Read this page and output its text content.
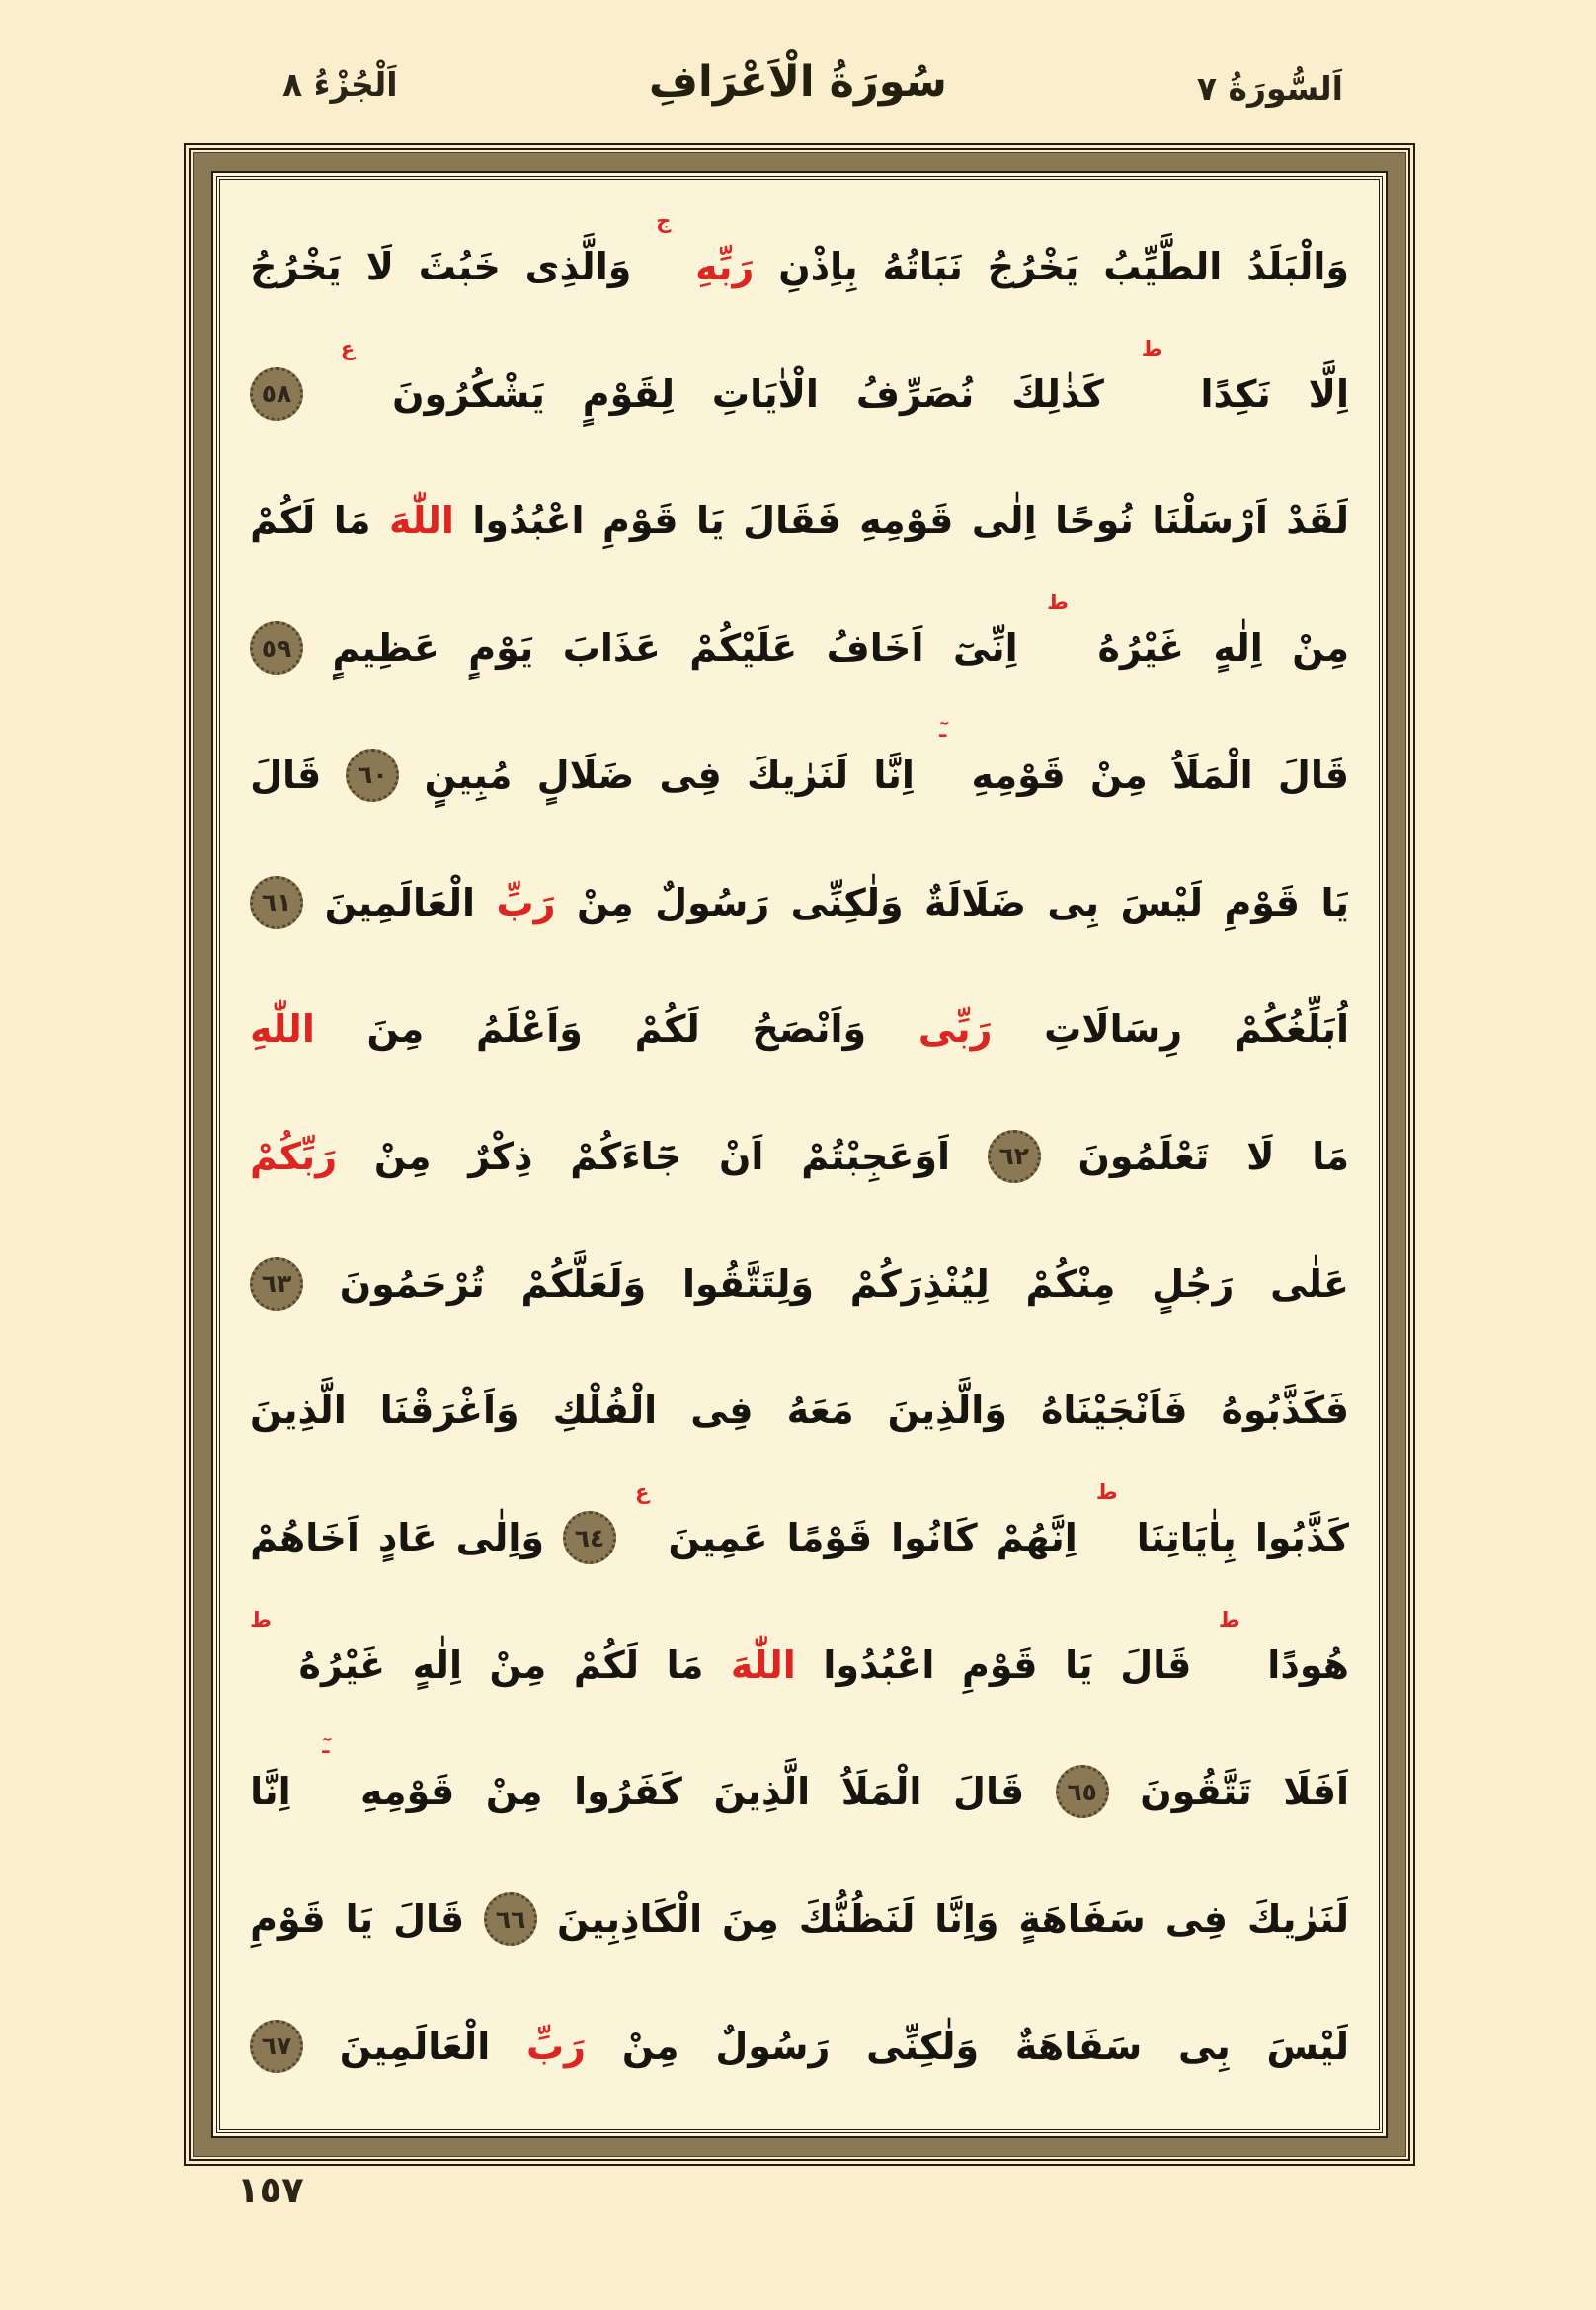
اَلسُّورَةُ ٧
سُورَةُ الْاَعْرَافِ
اَلْجُزْءُ ٨
وَالْبَلَدُ
الطَّيِّبُ
يَخْرُجُ
نَبَاتُهُ
بِاِذْنِ
رَبِّهِ
ج
وَالَّذِى
خَبُثَ
لَا
يَخْرُجُ
اِلَّا
نَكِدًا
ط
كَذٰلِكَ
نُصَرِّفُ
الْاٰيَاتِ
لِقَوْمٍ
يَشْكُرُونَ
ع
٥٨
لَقَدْ
اَرْسَلْنَا
نُوحًا
اِلٰى
قَوْمِهِ
فَقَالَ
يَا
قَوْمِ
اعْبُدُوا
اللّٰهَ
مَا
لَكُمْ
مِنْ
اِلٰهٍ
غَيْرُهُ
ط
اِنِّىٓ
اَخَافُ
عَلَيْكُمْ
عَذَابَ
يَوْمٍ
عَظِيمٍ
٥٩
قَالَ
الْمَلَاُ
مِنْ
قَوْمِهِ
ـٓ
اِنَّا
لَنَرٰيكَ
فِى
ضَلَالٍ
مُبِينٍ
٦٠
قَالَ
يَا
قَوْمِ
لَيْسَ
بِى
ضَلَالَةٌ
وَلٰكِنِّى
رَسُولٌ
مِنْ
رَبِّ
الْعَالَمِينَ
٦١
اُبَلِّغُكُمْ
رِسَالَاتِ
رَبِّى
وَاَنْصَحُ
لَكُمْ
وَاَعْلَمُ
مِنَ
اللّٰهِ
مَا
لَا
تَعْلَمُونَ
٦٢
اَوَعَجِبْتُمْ
اَنْ
جَٓاءَكُمْ
ذِكْرٌ
مِنْ
رَبِّكُمْ
عَلٰى
رَجُلٍ
مِنْكُمْ
لِيُنْذِرَكُمْ
وَلِتَتَّقُوا
وَلَعَلَّكُمْ
تُرْحَمُونَ
٦٣
فَكَذَّبُوهُ
فَاَنْجَيْنَاهُ
وَالَّذِينَ
مَعَهُ
فِى
الْفُلْكِ
وَاَغْرَقْنَا
الَّذِينَ
كَذَّبُوا
بِاٰيَاتِنَا
ط
اِنَّهُمْ
كَانُوا
قَوْمًا
عَمِينَ
ع
٦٤
وَاِلٰى
عَادٍ
اَخَاهُمْ
هُودًا
ط
قَالَ
يَا
قَوْمِ
اعْبُدُوا
اللّٰهَ
مَا
لَكُمْ
مِنْ
اِلٰهٍ
غَيْرُهُ
ط
اَفَلَا
تَتَّقُونَ
٦٥
قَالَ
الْمَلَاُ
الَّذِينَ
كَفَرُوا
مِنْ
قَوْمِهِ
ـٓ
اِنَّا
لَنَرٰيكَ
فِى
سَفَاهَةٍ
وَاِنَّا
لَنَظُنُّكَ
مِنَ
الْكَاذِبِينَ
٦٦
قَالَ
يَا
قَوْمِ
لَيْسَ
بِى
سَفَاهَةٌ
وَلٰكِنِّى
رَسُولٌ
مِنْ
رَبِّ
الْعَالَمِينَ
٦٧
١٥٧
